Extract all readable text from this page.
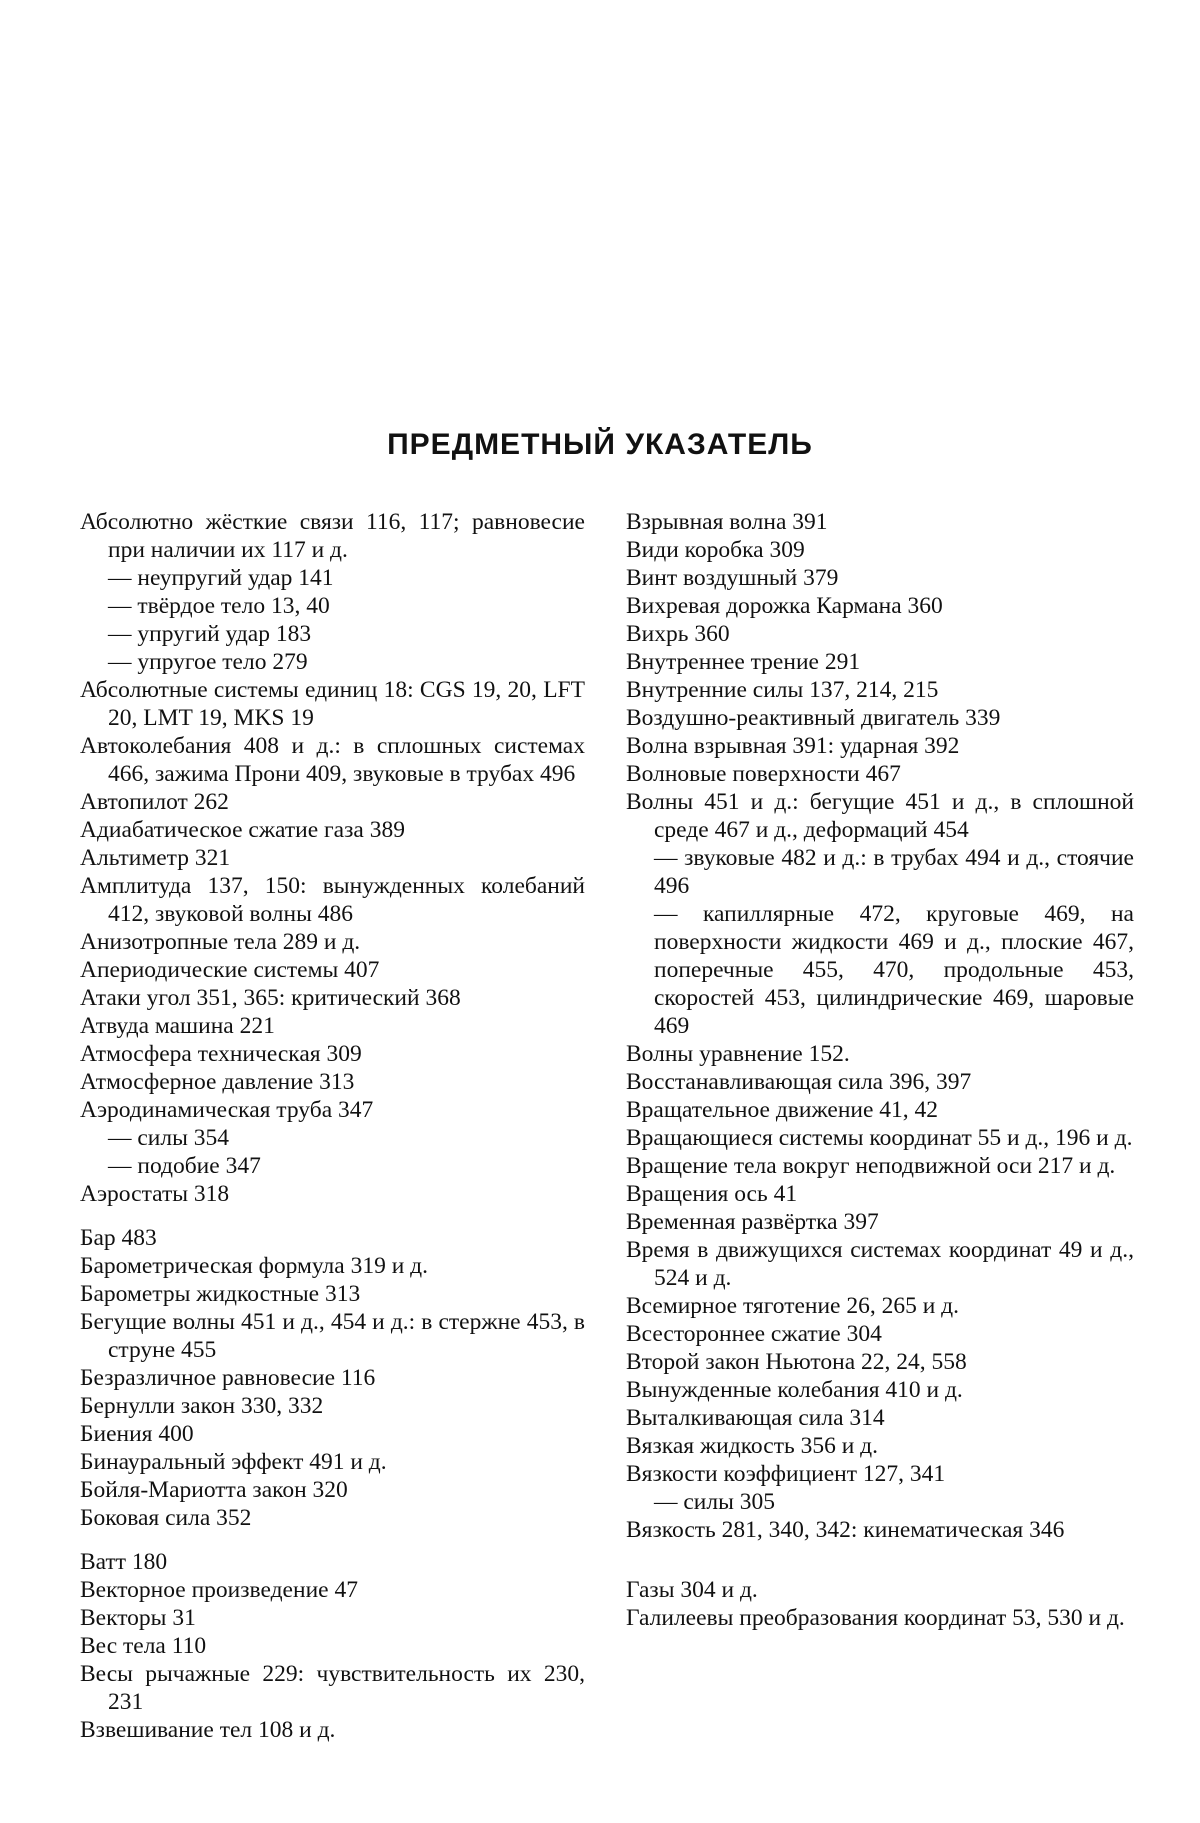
ПРЕДМЕТНЫЙ УКАЗАТЕЛЬ
Абсолютно жёсткие связи 116, 117; равновесие при наличии их 117 и д.
— неупругий удар 141
— твёрдое тело 13, 40
— упругий удар 183
— упругое тело 279
Абсолютные системы единиц 18: CGS 19, 20, LFT 20, LMT 19, MKS 19
Автоколебания 408 и д.: в сплошных системах 466, зажима Прони 409, звуковые в трубах 496
Автопилот 262
Адиабатическое сжатие газа 389
Альтиметр 321
Амплитуда 137, 150: вынужденных колебаний 412, звуковой волны 486
Анизотропные тела 289 и д.
Апериодические системы 407
Атаки угол 351, 365: критический 368
Атвуда машина 221
Атмосфера техническая 309
Атмосферное давление 313
Аэродинамическая труба 347
— силы 354
— подобие 347
Аэростаты 318
Бар 483
Барометрическая формула 319 и д.
Барометры жидкостные 313
Бегущие волны 451 и д., 454 и д.: в стержне 453, в струне 455
Безразличное равновесие 116
Бернулли закон 330, 332
Биения 400
Бинауральный эффект 491 и д.
Бойля-Мариотта закон 320
Боковая сила 352
Ватт 180
Векторное произведение 47
Векторы 31
Вес тела 110
Весы рычажные 229: чувствительность их 230, 231
Взвешивание тел 108 и д.
Взрывная волна 391
Види коробка 309
Винт воздушный 379
Вихревая дорожка Кармана 360
Вихрь 360
Внутреннее трение 291
Внутренние силы 137, 214, 215
Воздушно-реактивный двигатель 339
Волна взрывная 391: ударная 392
Волновые поверхности 467
Волны 451 и д.: бегущие 451 и д., в сплошной среде 467 и д., деформаций 454
— звуковые 482 и д.: в трубах 494 и д., стоячие 496
— капиллярные 472, круговые 469, на поверхности жидкости 469 и д., плоские 467, поперечные 455, 470, продольные 453, скоростей 453, цилиндрические 469, шаровые 469
Волны уравнение 152.
Восстанавливающая сила 396, 397
Вращательное движение 41, 42
Вращающиеся системы координат 55 и д., 196 и д.
Вращение тела вокруг неподвижной оси 217 и д.
Вращения ось 41
Временная развёртка 397
Время в движущихся системах координат 49 и д., 524 и д.
Всемирное тяготение 26, 265 и д.
Всестороннее сжатие 304
Второй закон Ньютона 22, 24, 558
Вынужденные колебания 410 и д.
Выталкивающая сила 314
Вязкая жидкость 356 и д.
Вязкости коэффициент 127, 341
— силы 305
Вязкость 281, 340, 342: кинематическая 346
Газы 304 и д.
Галилеевы преобразования координат 53, 530 и д.
